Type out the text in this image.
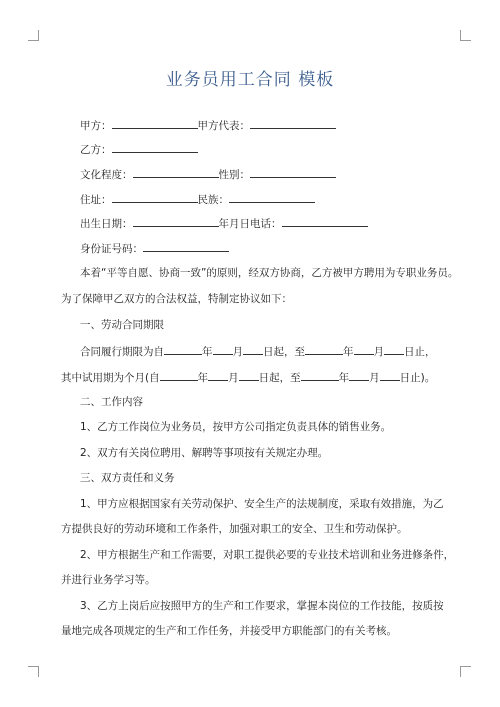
业务员用工合同 模板
甲方：	甲方代表：
乙方：
文化程度：	性别：
住址：	民族：
出生日期：	年月日电话：
身份证号码：
本着“平等自愿、协商一致”的原则，经双方协商，乙方被甲方聘用为专职业务员。
为了保障甲乙双方的合法权益，特制定协议如下：
一、劳动合同期限
合同履行期限为自	年 月 日起，至	年 月 日止，
其中试用期为个月(自	年 月 日起，至	年 月 日止)。
二、工作内容
1、乙方工作岗位为业务员，按甲方公司指定负责具体的销售业务。
2、双方有关岗位聘用、解聘等事项按有关规定办理。
三、双方责任和义务
1、甲方应根据国家有关劳动保护、安全生产的法规制度，采取有效措施，为乙
方提供良好的劳动环境和工作条件，加强对职工的安全、卫生和劳动保护。
2、甲方根据生产和工作需要，对职工提供必要的专业技术培训和业务进修条件，
并进行业务学习等。
3、乙方上岗后应按照甲方的生产和工作要求，掌握本岗位的工作技能，按质按
量地完成各项规定的生产和工作任务，并接受甲方职能部门的有关考核。
